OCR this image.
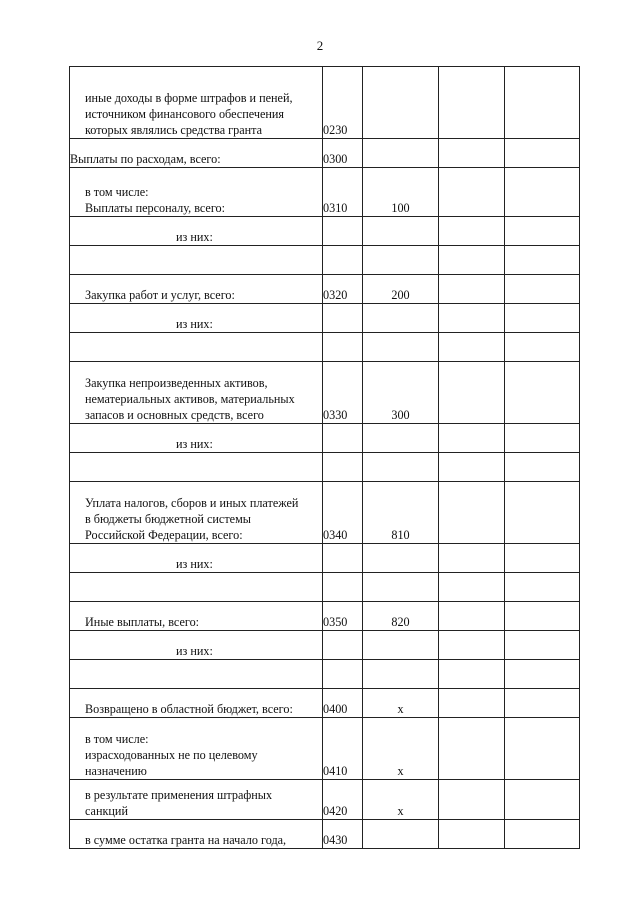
2
иные доходы в форме штрафов и пеней,
источником финансового обеспечения
которых являлись средства гранта	0230			

Выплаты по расходам, всего:	0300			

в том числе:
Выплаты персоналу, всего:	0310	100		

из них:				

Закупка работ и услуг, всего:	0320	200		

из них:				

Закупка непроизведенных активов,
нематериальных активов, материальных
запасов и основных средств, всего	0330	300		

из них:				

Уплата налогов, сборов и иных платежей
в бюджеты бюджетной системы
Российской Федерации, всего:	0340	810		

из них:				

Иные выплаты, всего:	0350	820		

из них:				

Возвращено в областной бюджет, всего:	0400	x		

в том числе:
израсходованных не по целевому
назначению	0410	x		

в результате применения штрафных
санкций	0420	x		

в сумме остатка гранта на начало года,	0430			
